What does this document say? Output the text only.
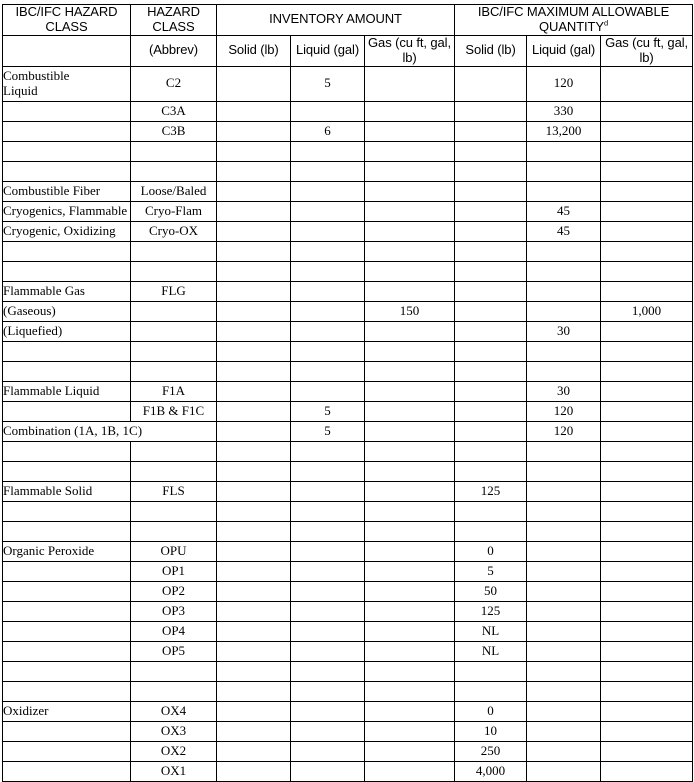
IBC/IFC HAZARD CLASS	HAZARD CLASS	INVENTORY AMOUNT			IBC/IFC MAXIMUM ALLOWABLE QUANTITY$^d$
	(Abbrev)	Solid (lb)	Liquid (gal)	Gas (cu ft, gal, lb)	Solid (lb)	Liquid (gal)	Gas (cu ft, gal, lb)
Combustible
Liquid	C2		5			120	
	C3A					330	
	C3B		6			13,200	

Combustible Fiber	Loose/Baled						
Cryogenics, Flammable	Cryo-Flam					45	
Cryogenic, Oxidizing	Cryo-OX					45	

Flammable Gas	FLG						
(Gaseous)				150			1,000
(Liquefied)						30	

Flammable Liquid	F1A					30	
	F1B & F1C		5			120	
Combination (1A, 1B, 1C)			5			120	

Flammable Solid	FLS				125		

Organic Peroxide	OPU				0		
	OP1				5		
	OP2				50		
	OP3				125		
	OP4				NL		
	OP5				NL		

Oxidizer	OX4				0		
	OX3				10		
	OX2				250		
	OX1				4,000		
